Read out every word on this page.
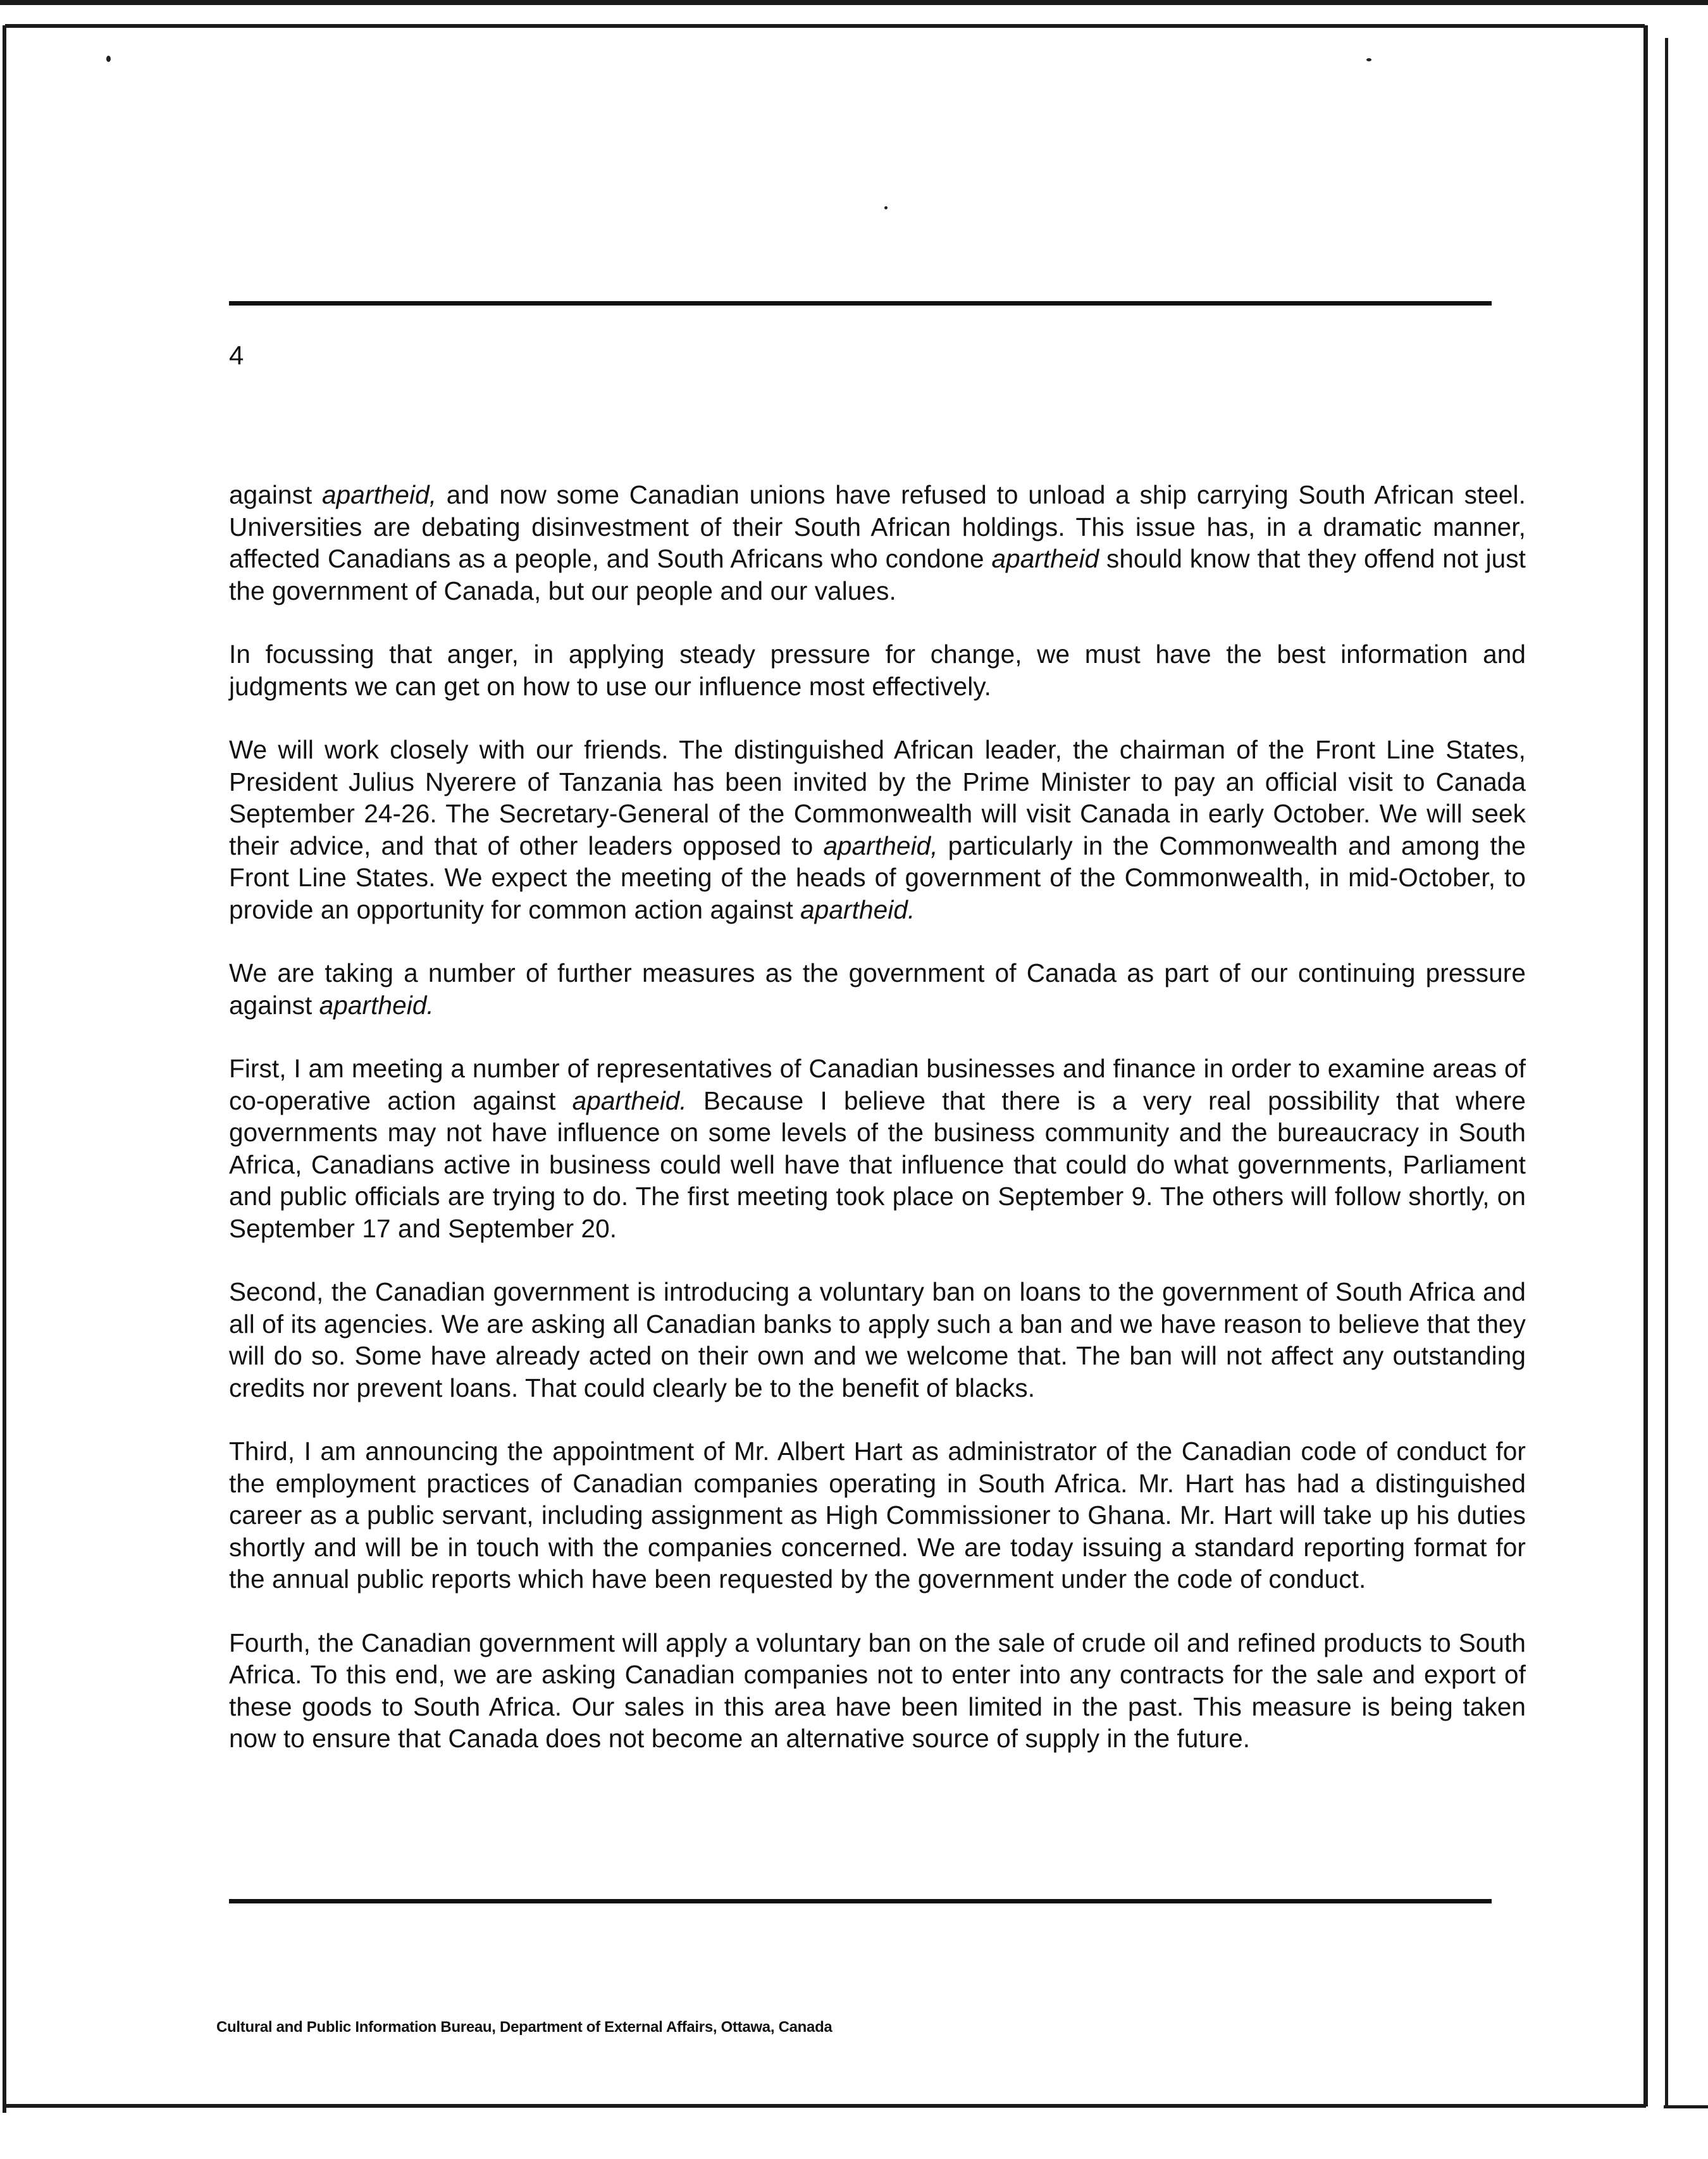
4

against apartheid, and now some Canadian unions have refused to unload a ship carrying South African steel. Universities are debating disinvestment of their South African holdings. This issue has, in a dramatic manner, affected Canadians as a people, and South Africans who condone apartheid should know that they offend not just the government of Canada, but our people and our values.

In focussing that anger, in applying steady pressure for change, we must have the best information and judgments we can get on how to use our influence most effectively.

We will work closely with our friends. The distinguished African leader, the chairman of the Front Line States, President Julius Nyerere of Tanzania has been invited by the Prime Minister to pay an official visit to Canada September 24-26. The Secretary-General of the Commonwealth will visit Canada in early October. We will seek their advice, and that of other leaders opposed to apartheid, particularly in the Commonwealth and among the Front Line States. We expect the meeting of the heads of government of the Commonwealth, in mid-October, to provide an opportunity for common action against apartheid.

We are taking a number of further measures as the government of Canada as part of our continuing pressure against apartheid.

First, I am meeting a number of representatives of Canadian businesses and finance in order to examine areas of co-operative action against apartheid. Because I believe that there is a very real possibility that where governments may not have influence on some levels of the business community and the bureaucracy in South Africa, Canadians active in business could well have that influence that could do what governments, Parliament and public officials are trying to do. The first meeting took place on September 9. The others will follow shortly, on September 17 and September 20.

Second, the Canadian government is introducing a voluntary ban on loans to the government of South Africa and all of its agencies. We are asking all Canadian banks to apply such a ban and we have reason to believe that they will do so. Some have already acted on their own and we welcome that. The ban will not affect any outstanding credits nor prevent loans. That could clearly be to the benefit of blacks.

Third, I am announcing the appointment of Mr. Albert Hart as administrator of the Canadian code of conduct for the employment practices of Canadian companies operating in South Africa. Mr. Hart has had a distinguished career as a public servant, including assignment as High Commissioner to Ghana. Mr. Hart will take up his duties shortly and will be in touch with the companies concerned. We are today issuing a standard reporting format for the annual public reports which have been requested by the government under the code of conduct.

Fourth, the Canadian government will apply a voluntary ban on the sale of crude oil and refined products to South Africa. To this end, we are asking Canadian companies not to enter into any contracts for the sale and export of these goods to South Africa. Our sales in this area have been limited in the past. This measure is being taken now to ensure that Canada does not become an alternative source of supply in the future.

Cultural and Public Information Bureau, Department of External Affairs, Ottawa, Canada
